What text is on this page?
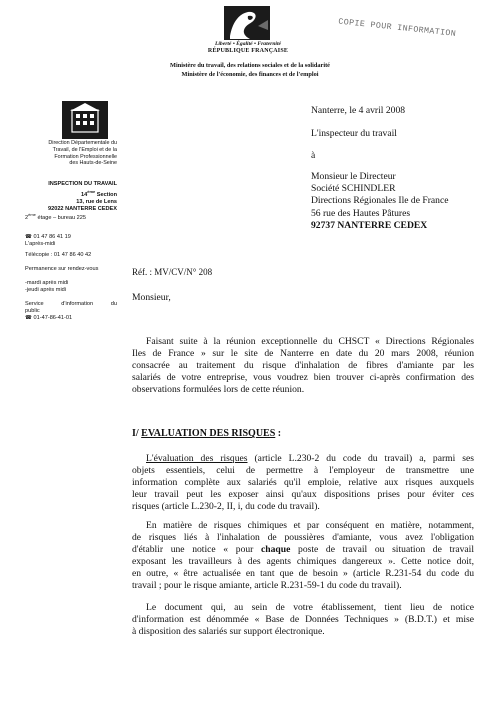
Liberté • Égalité • Fraternité
RÉPUBLIQUE FRANÇAISE
COPIE POUR INFORMATION
Ministère du travail, des relations sociales et de la solidarité
Ministère de l'économie, des finances et de l'emploi
Direction Départementale du
Travail, de l'Emploi et de la
Formation Professionnelle
des Hauts-de-Seine
INSPECTION DU TRAVAIL
14ème Section
13, rue de Lens
92022 NANTERRE CEDEX
2ème étage – bureau 225
☎ 01 47 86 41 19
L'après-midi
Télécopie : 01 47 86 40 42
Permanence sur rendez-vous
-mardi après midi
-jeudi après midi
Service	d'information	du
public
☎ 01-47-86-41-01
Nanterre, le 4 avril 2008
L'inspecteur du travail
à
Monsieur le Directeur
Société SCHINDLER
Directions Régionales Ile de France
56 rue des Hautes Pâtures
92737 NANTERRE CEDEX
Réf. : MV/CV/N° 208
Monsieur,
Faisant suite à la réunion exceptionnelle du CHSCT « Directions Régionales
Iles de France » sur le site de Nanterre en date du 20 mars 2008, réunion
consacrée au traitement du risque d'inhalation de fibres d'amiante par les
salariés de votre entreprise, vous voudrez bien trouver ci-après confirmation des
observations formulées lors de cette réunion.
I/ EVALUATION DES RISQUES :
L'évaluation des risques (article L.230-2 du code du travail) a, parmi ses
objets essentiels, celui de permettre à l'employeur de transmettre une
information complète aux salariés qu'il emploie, relative aux risques auxquels
leur travail peut les exposer ainsi qu'aux dispositions prises pour éviter ces
risques (article L.230-2, II, i, du code du travail).
En matière de risques chimiques et par conséquent en matière, notamment,
de risques liés à l'inhalation de poussières d'amiante, vous avez l'obligation
d'établir une notice « pour chaque poste de travail ou situation de travail
exposant les travailleurs à des agents chimiques dangereux ». Cette notice doit,
en outre, « être actualisée en tant que de besoin » (article R.231-54 du code du
travail ; pour le risque amiante, article R.231-59-1 du code du travail).
Le document qui, au sein de votre établissement, tient lieu de notice
d'information est dénommée « Base de Données Techniques » (B.D.T.) et mise
à disposition des salariés sur support électronique.
